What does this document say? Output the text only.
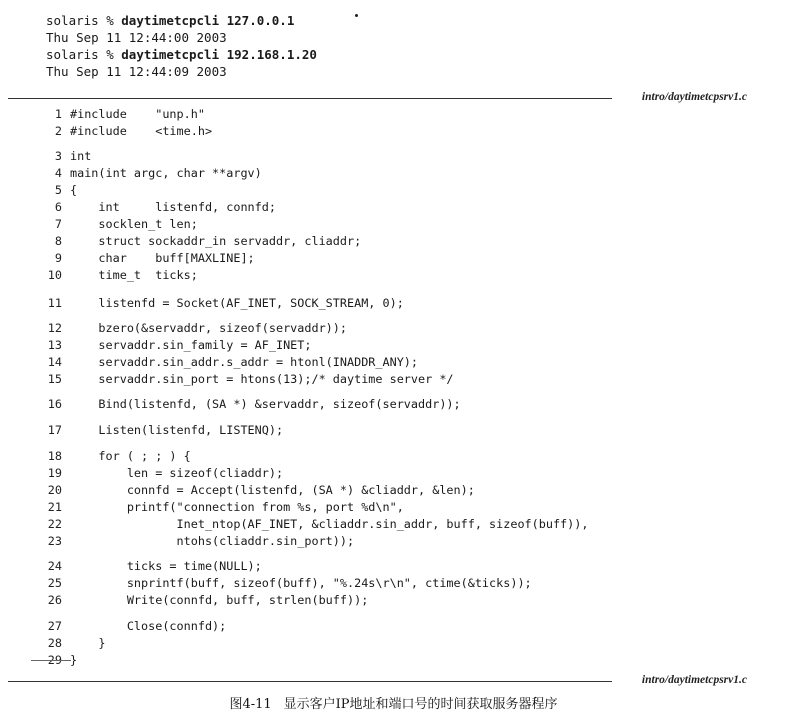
solaris % daytimetcpcli 127.0.0.1
Thu Sep 11 12:44:00 2003
solaris % daytimetcpcli 192.168.1.20
Thu Sep 11 12:44:09 2003
intro/daytimetcpsrv1.c
1 #include    "unp.h"
2 #include    <time.h>
3 int
4 main(int argc, char **argv)
5 {
6    int     listenfd, connfd;
7    socklen_t len;
8    struct sockaddr_in servaddr, cliaddr;
9    char    buff[MAXLINE];
10    time_t  ticks;
11    listenfd = Socket(AF_INET, SOCK_STREAM, 0);
12    bzero(&servaddr, sizeof(servaddr));
13    servaddr.sin_family = AF_INET;
14    servaddr.sin_addr.s_addr = htonl(INADDR_ANY);
15    servaddr.sin_port = htons(13);/* daytime server */
16    Bind(listenfd, (SA *) &servaddr, sizeof(servaddr));
17    Listen(listenfd, LISTENQ);
18    for ( ; ; ) {
19        len = sizeof(cliaddr);
20        connfd = Accept(listenfd, (SA *) &cliaddr, &len);
21        printf("connection from %s, port %d\n",
22               Inet_ntop(AF_INET, &cliaddr.sin_addr, buff, sizeof(buff)),
23               ntohs(cliaddr.sin_port));
24        ticks = time(NULL);
25        snprintf(buff, sizeof(buff), "%.24s\r\n", ctime(&ticks));
26        Write(connfd, buff, strlen(buff));
27        Close(connfd);
28    }
29 }
intro/daytimetcpsrv1.c
图4-11 显示客户IP地址和端口号的时间获取服务器程序
